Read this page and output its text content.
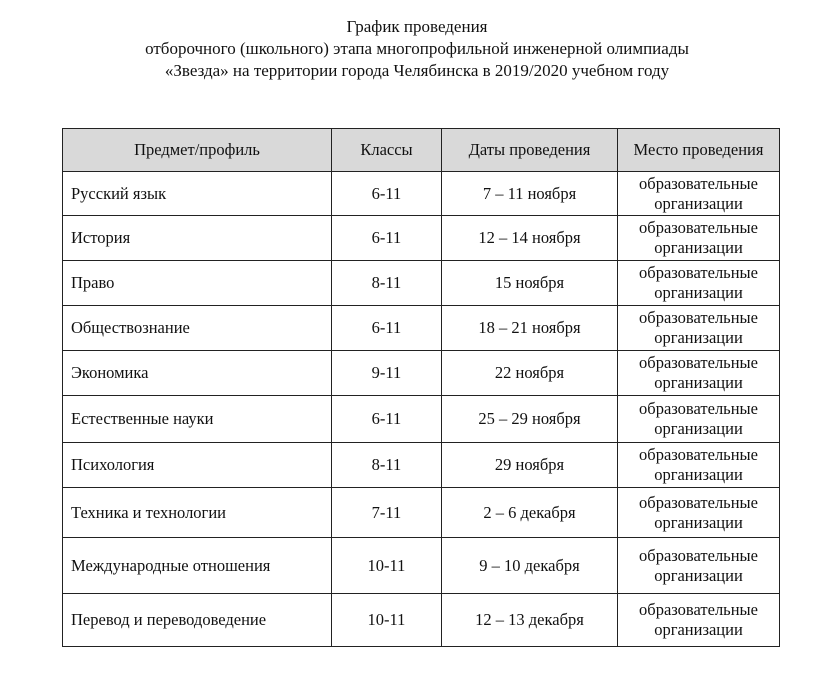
График проведения
отборочного (школьного) этапа многопрофильной инженерной олимпиады
«Звезда» на территории города Челябинска в 2019/2020 учебном году
Предмет/профиль	Классы	Даты проведения	Место проведения
Русский язык	6-11	7 – 11 ноября	образовательные
организации

История	6-11	12 – 14 ноября	образовательные
организации

Право	8-11	15 ноября	образовательные
организации

Обществознание	6-11	18 – 21 ноября	образовательные
организации

Экономика	9-11	22 ноября	образовательные
организации

Естественные науки	6-11	25 – 29 ноября	образовательные
организации

Психология	8-11	29 ноября	образовательные
организации

Техника и технологии	7-11	2 – 6 декабря	образовательные
организации

Международные отношения	10-11	9 – 10 декабря	образовательные
организации

Перевод и переводоведение	10-11	12 – 13 декабря	образовательные
организации
